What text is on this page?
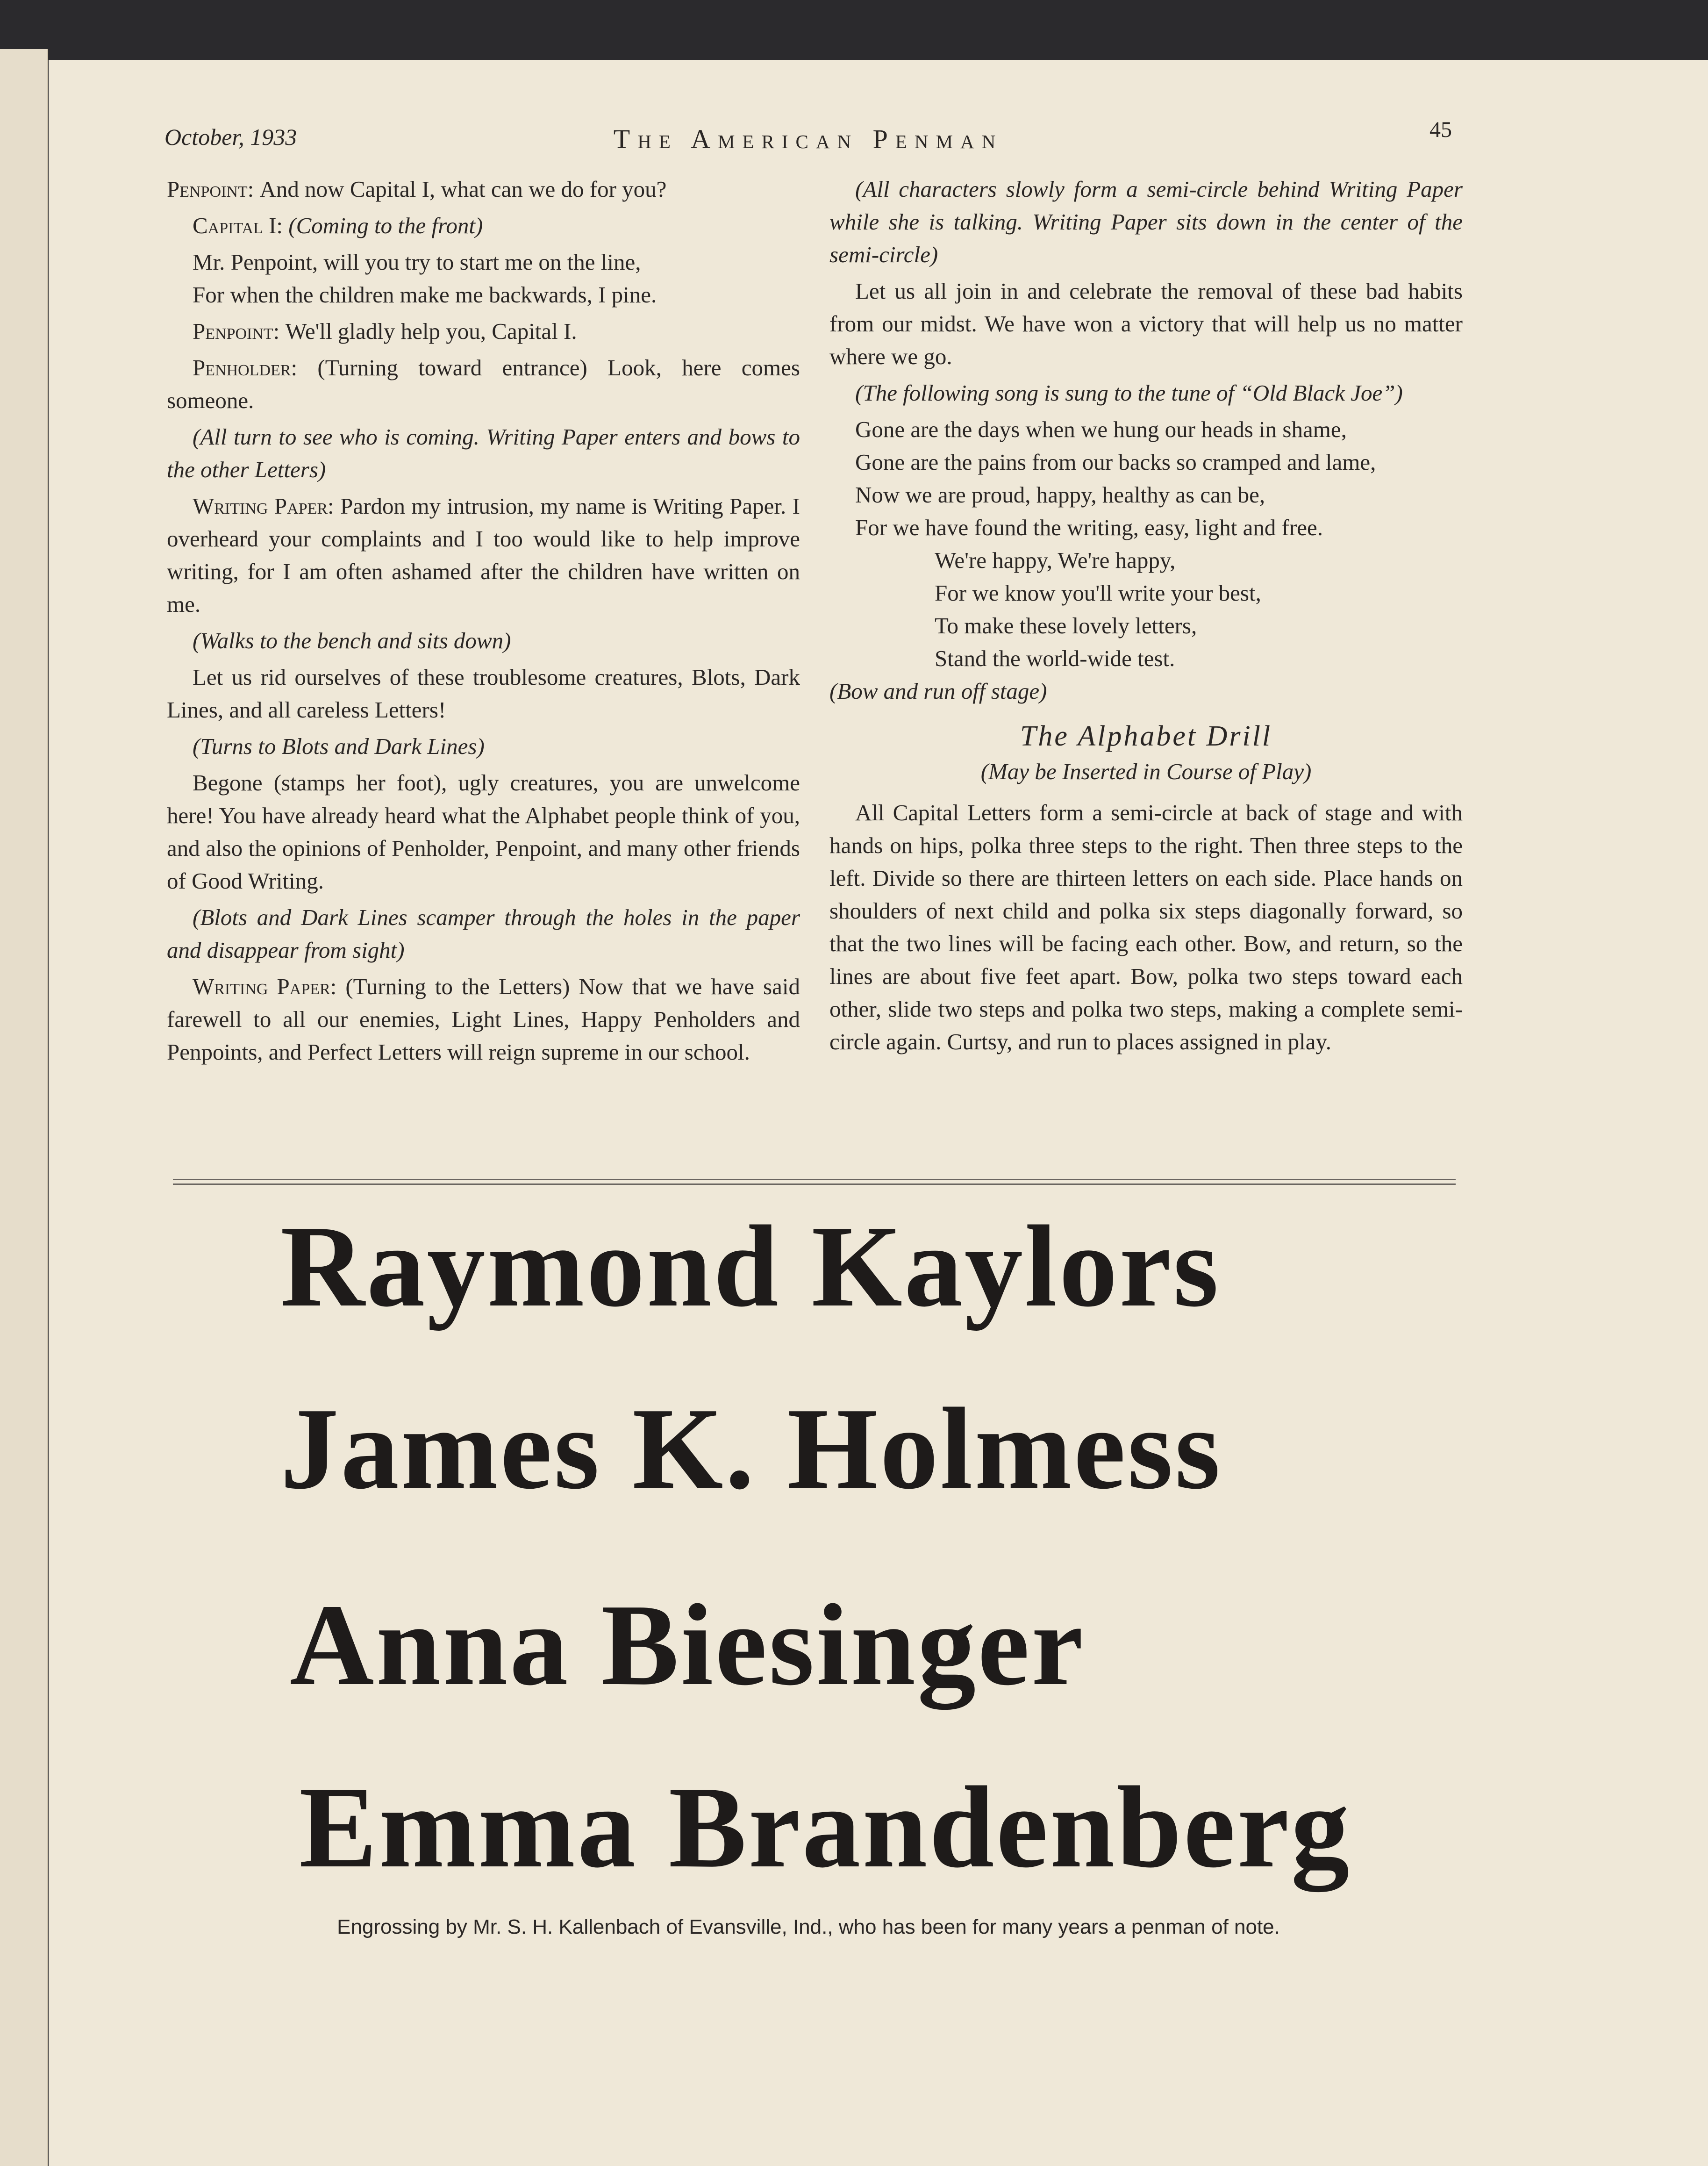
October, 1933	The American Penman	45

Penpoint: And now Capital I, what can we do for you?

Capital I: (Coming to the front)

Mr. Penpoint, will you try to start me on the line,

For when the children make me backwards, I pine.

Penpoint: We'll gladly help you, Capital I.

Penholder: (Turning toward entrance) Look, here comes someone.

(All turn to see who is coming. Writing Paper enters and bows to the other Letters)

Writing Paper: Pardon my intrusion, my name is Writing Paper. I overheard your complaints and I too would like to help improve writing, for I am often ashamed after the children have written on me.

(Walks to the bench and sits down)

Let us rid ourselves of these troublesome creatures, Blots, Dark Lines, and all careless Letters!

(Turns to Blots and Dark Lines)

Begone (stamps her foot), ugly creatures, you are unwelcome here! You have already heard what the Alphabet people think of you, and also the opinions of Penholder, Penpoint, and many other friends of Good Writing.

(Blots and Dark Lines scamper through the holes in the paper and disappear from sight)

Writing Paper: (Turning to the Letters) Now that we have said farewell to all our enemies, Light Lines, Happy Penholders and Penpoints, and Perfect Letters will reign supreme in our school.

(All characters slowly form a semi-circle behind Writing Paper while she is talking. Writing Paper sits down in the center of the semi-circle)

Let us all join in and celebrate the removal of these bad habits from our midst. We have won a victory that will help us no matter where we go.

(The following song is sung to the tune of “Old Black Joe”)

Gone are the days when we hung our heads in shame,
Gone are the pains from our backs so cramped and lame,
Now we are proud, happy, healthy as can be,
For we have found the writing, easy, light and free.
We're happy, We're happy,
For we know you'll write your best,
To make these lovely letters,
Stand the world-wide test.

(Bow and run off stage)

The Alphabet Drill
(May be Inserted in Course of Play)

All Capital Letters form a semi-circle at back of stage and with hands on hips, polka three steps to the right. Then three steps to the left. Divide so there are thirteen letters on each side. Place hands on shoulders of next child and polka six steps diagonally forward, so that the two lines will be facing each other. Bow, and return, so the lines are about five feet apart. Bow, polka two steps toward each other, slide two steps and polka two steps, making a complete semi-circle again. Curtsy, and run to places assigned in play.

Raymond Kaylors
James K. Holmess
Anna Biesinger
Emma Brandenberg
Engrossing by Mr. S. H. Kallenbach of Evansville, Ind., who has been for many years a penman of note.
